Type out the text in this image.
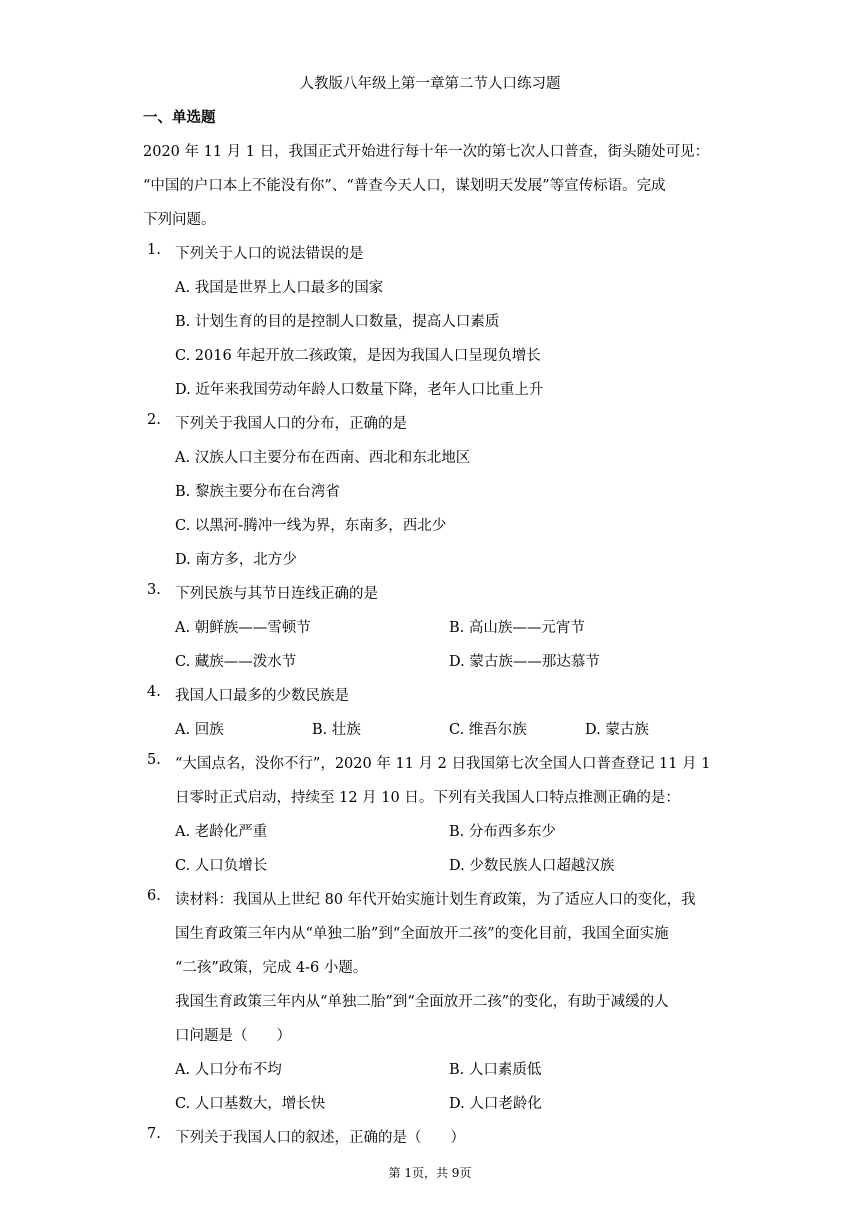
人教版八年级上第一章第二节人口练习题
一、单选题
2020 年 11 月 1 日，我国正式开始进行每十年一次的第七次人口普查，街头随处可见：
“中国的户口本上不能没有你”、“普查今天人口，谋划明天发展”等宣传标语。完成
下列问题。
1. 下列关于人口的说法错误的是
A. 我国是世界上人口最多的国家
B. 计划生育的目的是控制人口数量，提高人口素质
C. 2016 年起开放二孩政策，是因为我国人口呈现负增长
D. 近年来我国劳动年龄人口数量下降，老年人口比重上升
2. 下列关于我国人口的分布，正确的是
A. 汉族人口主要分布在西南、西北和东北地区
B. 黎族主要分布在台湾省
C. 以黑河-腾冲一线为界，东南多，西北少
D. 南方多，北方少
3. 下列民族与其节日连线正确的是
A. 朝鲜族——雪顿节	B. 高山族——元宵节
C. 藏族——泼水节	D. 蒙古族——那达慕节
4. 我国人口最多的少数民族是
A. 回族	B. 壮族	C. 维吾尔族	D. 蒙古族
5. “大国点名，没你不行”，2020 年 11 月 2 日我国第七次全国人口普查登记 11 月 1
日零时正式启动，持续至 12 月 10 日。下列有关我国人口特点推测正确的是：
A. 老龄化严重	B. 分布西多东少
C. 人口负增长	D. 少数民族人口超越汉族
6. 读材料：我国从上世纪 80 年代开始实施计划生育政策，为了适应人口的变化，我
国生育政策三年内从“单独二胎”到“全面放开二孩”的变化目前，我国全面实施
“二孩”政策，完成 4-6 小题。
我国生育政策三年内从“单独二胎”到“全面放开二孩”的变化，有助于减缓的人
口问题是（　　）
A. 人口分布不均	B. 人口素质低
C. 人口基数大，增长快	D. 人口老龄化
7. 下列关于我国人口的叙述，正确的是（　　）
第 1页，共 9页
